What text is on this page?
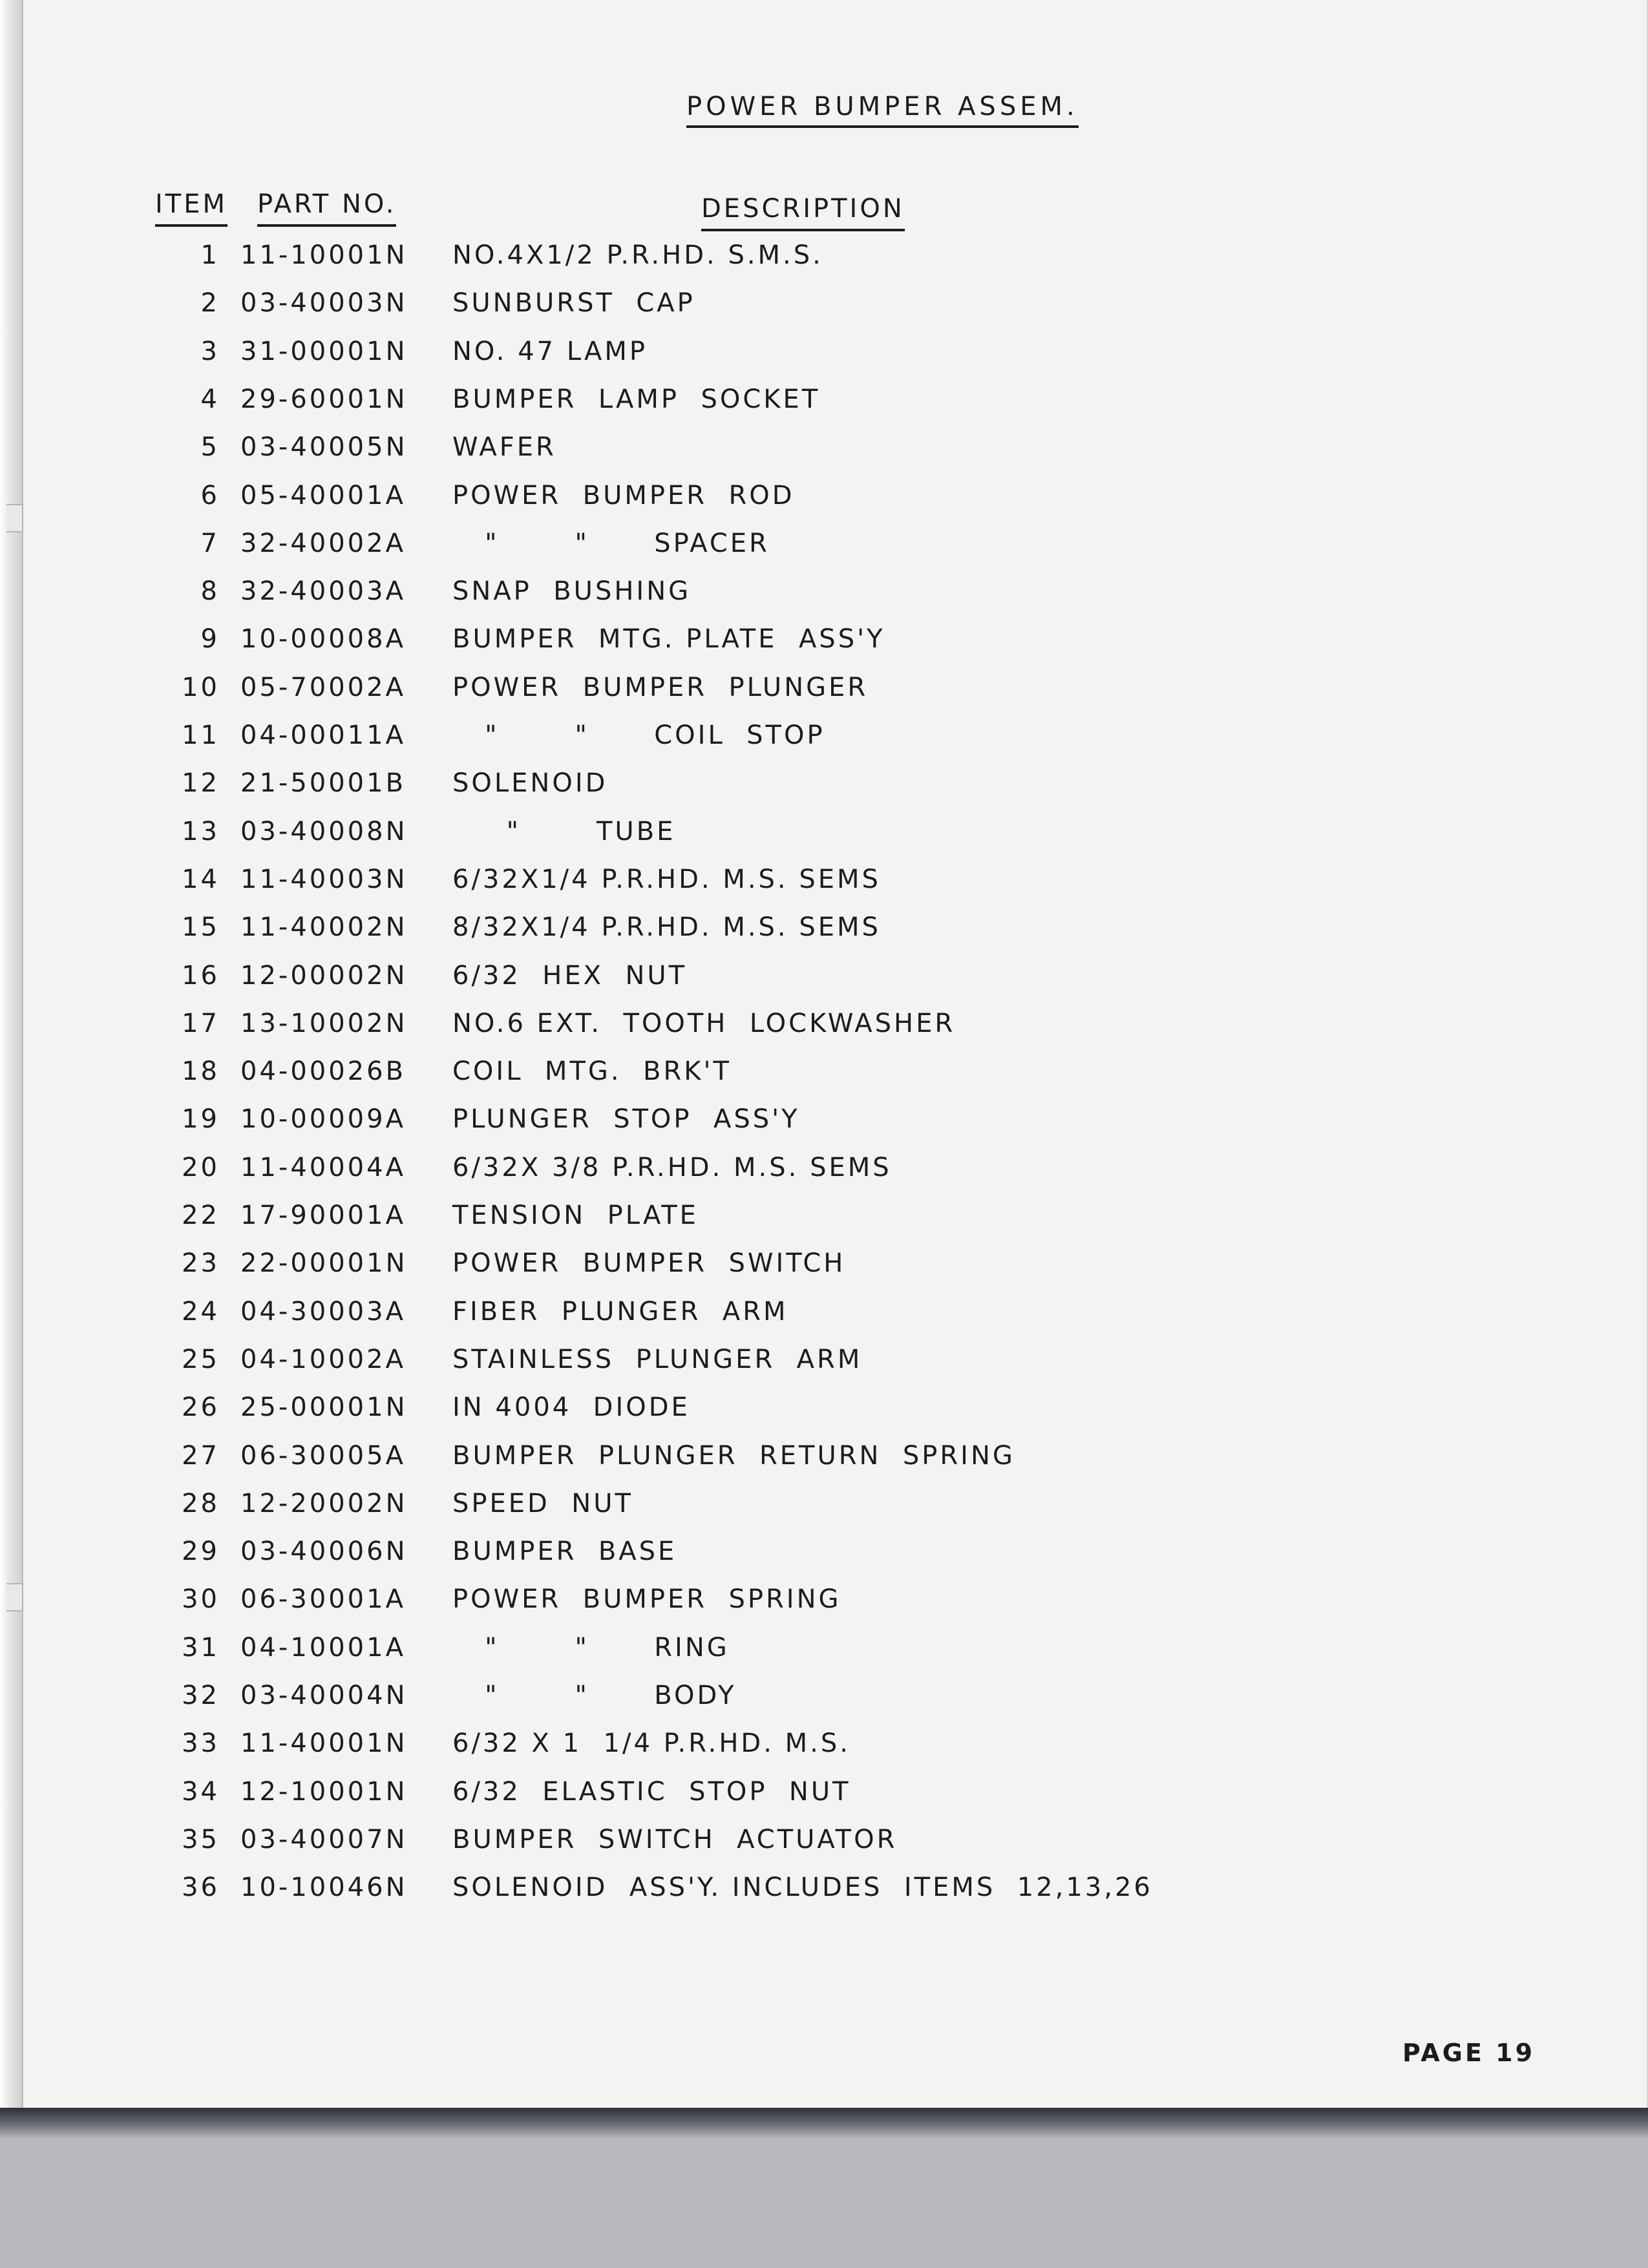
POWER BUMPER ASSEM.
ITEM PART NO.	DESCRIPTION
1 11-10001N NO.4X1/2 P.R.HD. S.M.S.
2 03-40003N SUNBURST  CAP
3 31-00001N NO. 47 LAMP
4 29-60001N BUMPER  LAMP  SOCKET
5 03-40005N WAFER
6 05-40001A POWER  BUMPER  ROD
7 32-40002A "       "      SPACER
8 32-40003A SNAP  BUSHING
9 10-00008A BUMPER  MTG. PLATE  ASS'Y
10 05-70002A POWER  BUMPER  PLUNGER
11 04-00011A "       "      COIL  STOP
12 21-50001B SOLENOID
13 03-40008N "       TUBE
14 11-40003N 6/32X1/4 P.R.HD. M.S. SEMS
15 11-40002N 8/32X1/4 P.R.HD. M.S. SEMS
16 12-00002N 6/32  HEX  NUT
17 13-10002N NO.6 EXT.  TOOTH  LOCKWASHER
18 04-00026B COIL  MTG.  BRK'T
19 10-00009A PLUNGER  STOP  ASS'Y
20 11-40004A 6/32X 3/8 P.R.HD. M.S. SEMS
22 17-90001A TENSION  PLATE
23 22-00001N POWER  BUMPER  SWITCH
24 04-30003A FIBER  PLUNGER  ARM
25 04-10002A STAINLESS  PLUNGER  ARM
26 25-00001N IN 4004  DIODE
27 06-30005A BUMPER  PLUNGER  RETURN  SPRING
28 12-20002N SPEED  NUT
29 03-40006N BUMPER  BASE
30 06-30001A POWER  BUMPER  SPRING
31 04-10001A "       "      RING
32 03-40004N "       "      BODY
33 11-40001N 6/32 X 1  1/4 P.R.HD. M.S.
34 12-10001N 6/32  ELASTIC  STOP  NUT
35 03-40007N BUMPER  SWITCH  ACTUATOR
36 10-10046N SOLENOID  ASS'Y. INCLUDES  ITEMS  12,13,26
PAGE 19
